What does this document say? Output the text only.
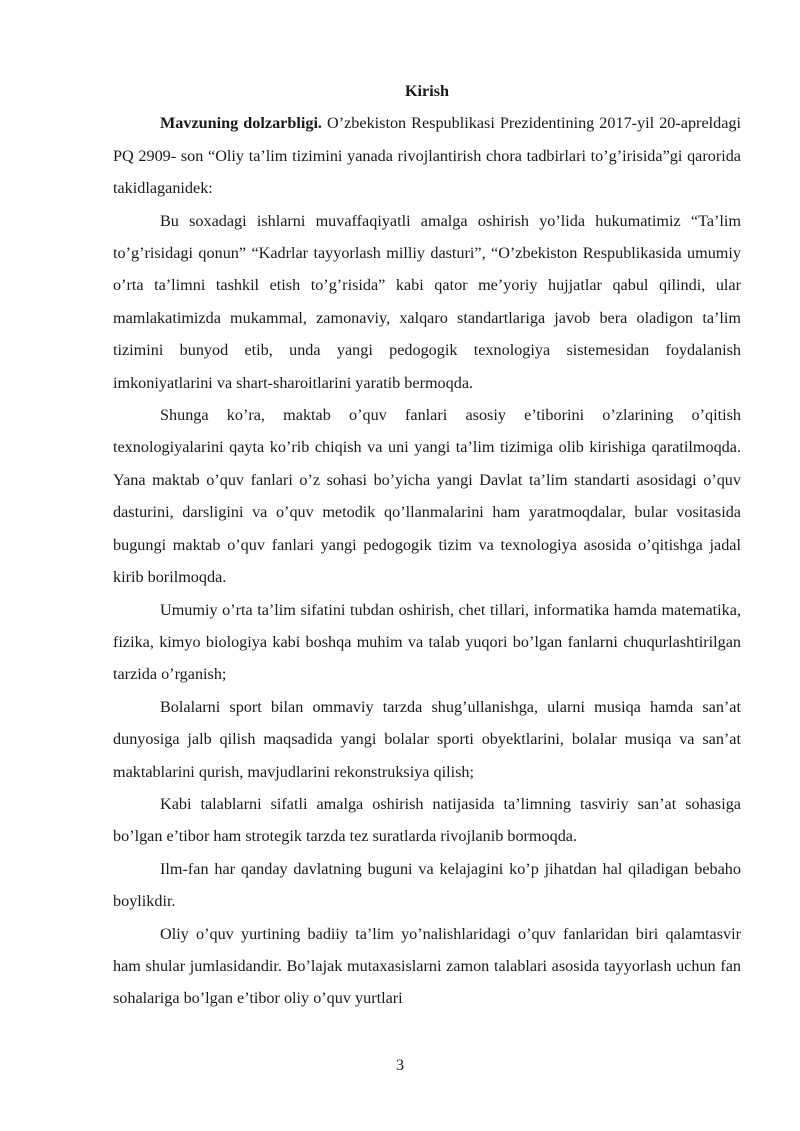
Kirish

Mavzuning dolzarbligi. O’zbekiston Respublikasi Prezidentining 2017-yil 20-apreldagi PQ 2909- son “Oliy ta’lim tizimini yanada rivojlantirish chora tadbirlari to’g’irisida”gi qarorida takidlaganidek:

Bu soxadagi ishlarni muvaffaqiyatli amalga oshirish yo’lida hukumatimiz “Ta’lim to’g’risidagi qonun” “Kadrlar tayyorlash milliy dasturi”, “O’zbekiston Respublikasida umumiy o’rta ta’limni tashkil etish to’g’risida” kabi qator me’yoriy hujjatlar qabul qilindi, ular mamlakatimizda mukammal, zamonaviy, xalqaro standartlariga javob bera oladigon ta’lim tizimini bunyod etib, unda yangi pedogogik texnologiya sistemesidan foydalanish imkoniyatlarini va shart-sharoitlarini yaratib bermoqda.

Shunga ko’ra, maktab o’quv fanlari asosiy e’tiborini o’zlarining o’qitish texnologiyalarini qayta ko’rib chiqish va uni yangi ta’lim tizimiga olib kirishiga qaratilmoqda. Yana maktab o’quv fanlari o’z sohasi bo’yicha yangi Davlat ta’lim standarti asosidagi o’quv dasturini, darsligini va o’quv metodik qo’llanmalarini ham yaratmoqdalar, bular vositasida bugungi maktab o’quv fanlari yangi pedogogik tizim va texnologiya asosida o’qitishga jadal kirib borilmoqda.

Umumiy o’rta ta’lim sifatini tubdan oshirish, chet tillari, informatika hamda matematika, fizika, kimyo biologiya kabi boshqa muhim va talab yuqori bo’lgan fanlarni chuqurlashtirilgan tarzida o’rganish;

Bolalarni sport bilan ommaviy tarzda shug’ullanishga, ularni musiqa hamda san’at dunyosiga jalb qilish maqsadida yangi bolalar sporti obyektlarini, bolalar musiqa va san’at maktablarini qurish, mavjudlarini rekonstruksiya qilish;

Kabi talablarni sifatli amalga oshirish natijasida ta’limning tasviriy san’at sohasiga bo’lgan e’tibor ham strotegik tarzda tez suratlarda rivojlanib bormoqda.

Ilm-fan har qanday davlatning buguni va kelajagini ko’p jihatdan hal qiladigan bebaho boylikdir.

Oliy o’quv yurtining badiiy ta’lim yo’nalishlaridagi o’quv fanlaridan biri qalamtasvir ham shular jumlasidandir. Bo’lajak mutaxasislarni zamon talablari asosida tayyorlash uchun fan sohalariga bo’lgan e’tibor oliy o’quv yurtlari

3
